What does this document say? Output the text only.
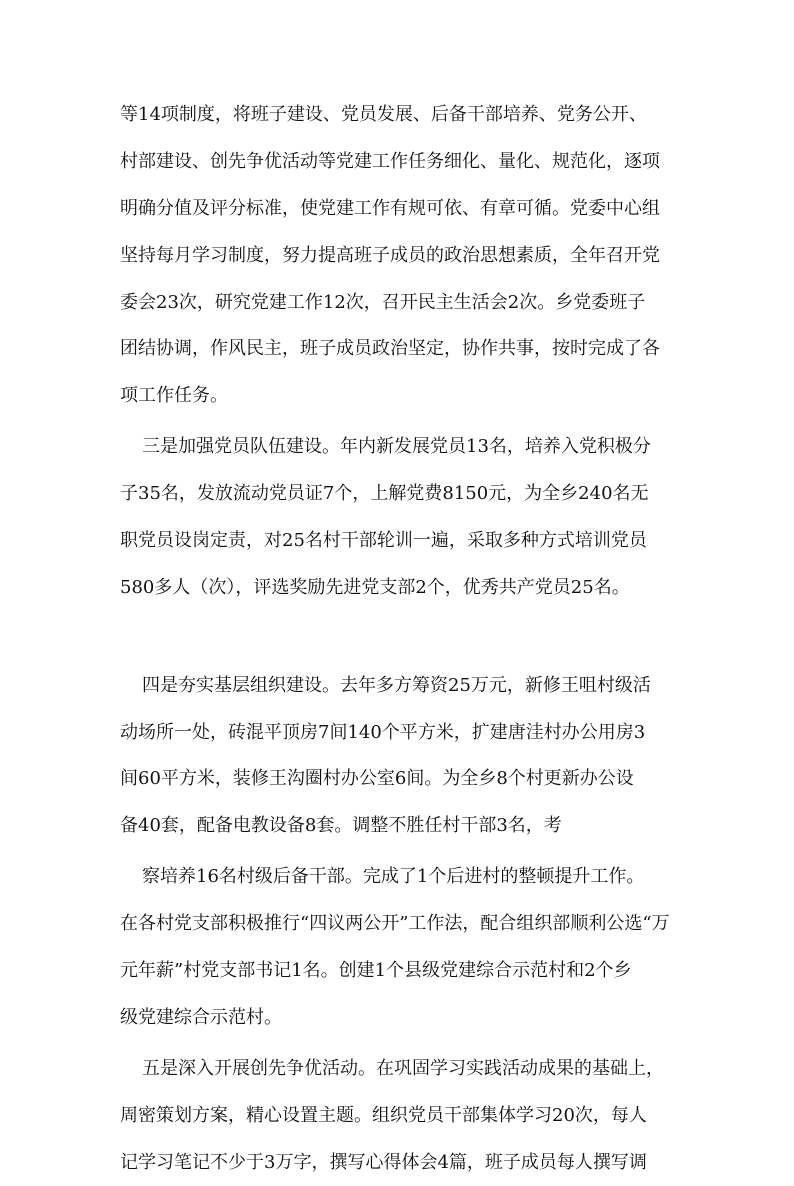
等14项制度，将班子建设、党员发展、后备干部培养、党务公开、
村部建设、创先争优活动等党建工作任务细化、量化、规范化，逐项
明确分值及评分标准，使党建工作有规可依、有章可循。党委中心组
坚持每月学习制度，努力提高班子成员的政治思想素质，全年召开党
委会23次，研究党建工作12次，召开民主生活会2次。乡党委班子
团结协调，作风民主，班子成员政治坚定，协作共事，按时完成了各
项工作任务。
三是加强党员队伍建设。年内新发展党员13名，培养入党积极分
子35名，发放流动党员证7个，上解党费8150元，为全乡240名无
职党员设岗定责，对25名村干部轮训一遍，采取多种方式培训党员
580多人（次），评选奖励先进党支部2个，优秀共产党员25名。
四是夯实基层组织建设。去年多方筹资25万元，新修王咀村级活
动场所一处，砖混平顶房7间140个平方米，扩建唐洼村办公用房3
间60平方米，装修王沟圈村办公室6间。为全乡8个村更新办公设
备40套，配备电教设备8套。调整不胜任村干部3名，考
察培养16名村级后备干部。完成了1个后进村的整顿提升工作。
在各村党支部积极推行“四议两公开”工作法，配合组织部顺利公选“万
元年薪”村党支部书记1名。创建1个县级党建综合示范村和2个乡
级党建综合示范村。
五是深入开展创先争优活动。在巩固学习实践活动成果的基础上，
周密策划方案，精心设置主题。组织党员干部集体学习20次，每人
记学习笔记不少于3万字，撰写心得体会4篇，班子成员每人撰写调
